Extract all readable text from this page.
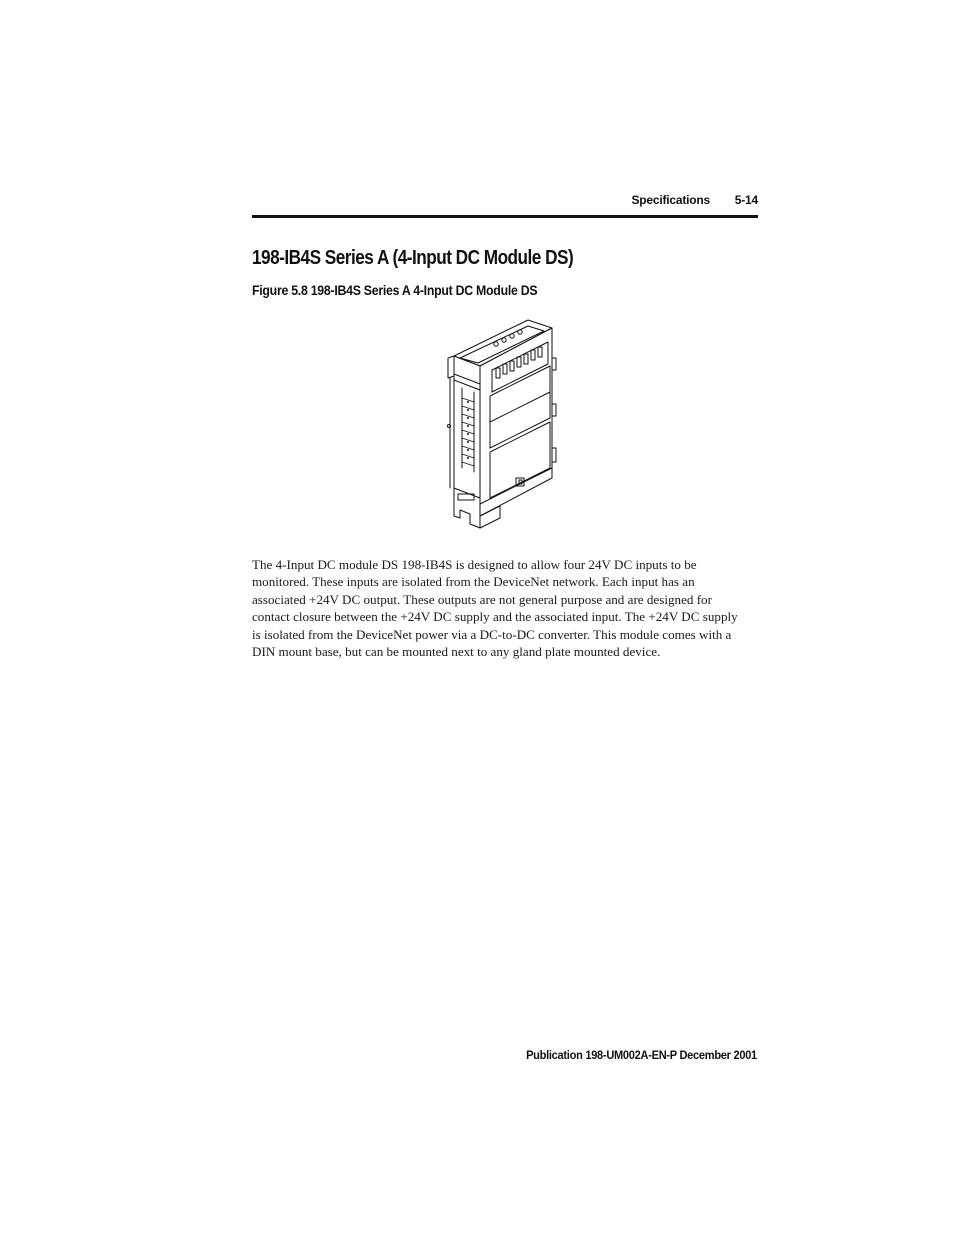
Specifications 5-14
198-IB4S Series A (4-Input DC Module DS)

Figure 5.8 198-IB4S Series A 4-Input DC Module DS

The 4-Input DC module DS 198-IB4S is designed to allow four 24V DC inputs to be
monitored. These inputs are isolated from the DeviceNet network. Each input has an
associated +24V DC output. These outputs are not general purpose and are designed for
contact closure between the +24V DC supply and the associated input. The +24V DC supply
is isolated from the DeviceNet power via a DC-to-DC converter. This module comes with a
DIN mount base, but can be mounted next to any gland plate mounted device.

Publication 198-UM002A-EN-P December 2001
